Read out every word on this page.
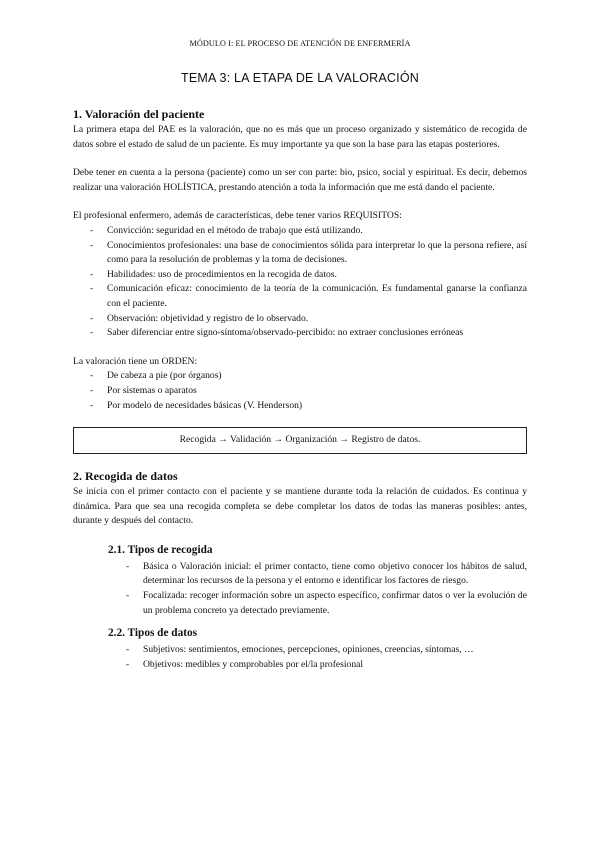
MÓDULO I: EL PROCESO DE ATENCIÓN DE ENFERMERÍA
TEMA 3: LA ETAPA DE LA VALORACIÓN
1. Valoración del paciente

La primera etapa del PAE es la valoración, que no es más que un proceso organizado y sistemático de recogida de datos sobre el estado de salud de un paciente. Es muy importante ya que son la base para las etapas posteriores.

Debe tener en cuenta a la persona (paciente) como un ser con parte: bio, psico, social y espiritual. Es decir, debemos realizar una valoración HOLÍSTICA, prestando atención a toda la información que me está dando el paciente.

El profesional enfermero, además de características, debe tener varios REQUISITOS:

- Convicción: seguridad en el método de trabajo que está utilizando.
- Conocimientos profesionales: una base de conocimientos sólida para interpretar lo que la persona refiere, así como para la resolución de problemas y la toma de decisiones.
- Habilidades: uso de procedimientos en la recogida de datos.
- Comunicación eficaz: conocimiento de la teoría de la comunicación. Es fundamental ganarse la confianza con el paciente.
- Observación: objetividad y registro de lo observado.
- Saber diferenciar entre signo-síntoma/observado-percibido: no extraer conclusiones erróneas

La valoración tiene un ORDEN:

- De cabeza a pie (por órganos)
- Por sistemas o aparatos
- Por modelo de necesidades básicas (V. Henderson)
Recogida → Validación → Organización → Registro de datos.
2. Recogida de datos

Se inicia con el primer contacto con el paciente y se mantiene durante toda la relación de cuidados. Es continua y dinámica. Para que sea una recogida completa se debe completar los datos de todas las maneras posibles: antes, durante y después del contacto.

2.1. Tipos de recogida
- Básica o Valoración inicial: el primer contacto, tiene como objetivo conocer los hábitos de salud, determinar los recursos de la persona y el entorno e identificar los factores de riesgo.
- Focalizada: recoger información sobre un aspecto específico, confirmar datos o ver la evolución de un problema concreto ya detectado previamente.
2.2. Tipos de datos
- Subjetivos: sentimientos, emociones, percepciones, opiniones, creencias, síntomas, …
- Objetivos: medibles y comprobables por el/la profesional
